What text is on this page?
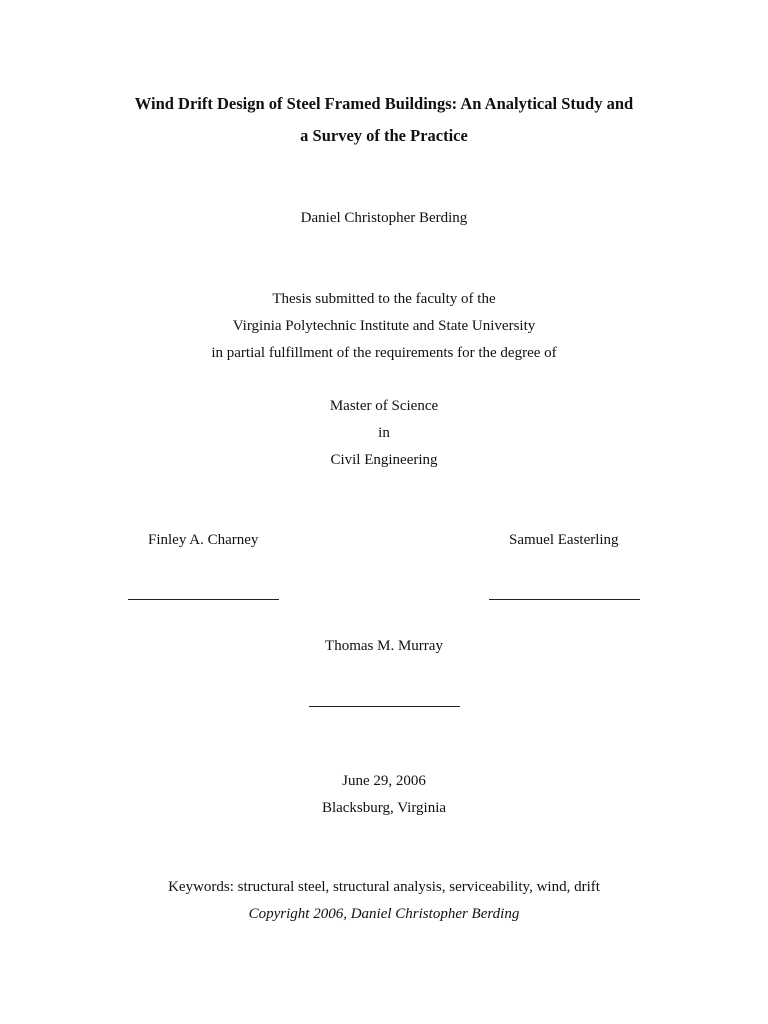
Wind Drift Design of Steel Framed Buildings: An Analytical Study and
a Survey of the Practice
Daniel Christopher Berding
Thesis submitted to the faculty of the
Virginia Polytechnic Institute and State University
in partial fulfillment of the requirements for the degree of
Master of Science
in
Civil Engineering
Finley A. Charney	Samuel Easterling
Thomas M. Murray
June 29, 2006
Blacksburg, Virginia
Keywords: structural steel, structural analysis, serviceability, wind, drift
Copyright 2006, Daniel Christopher Berding
